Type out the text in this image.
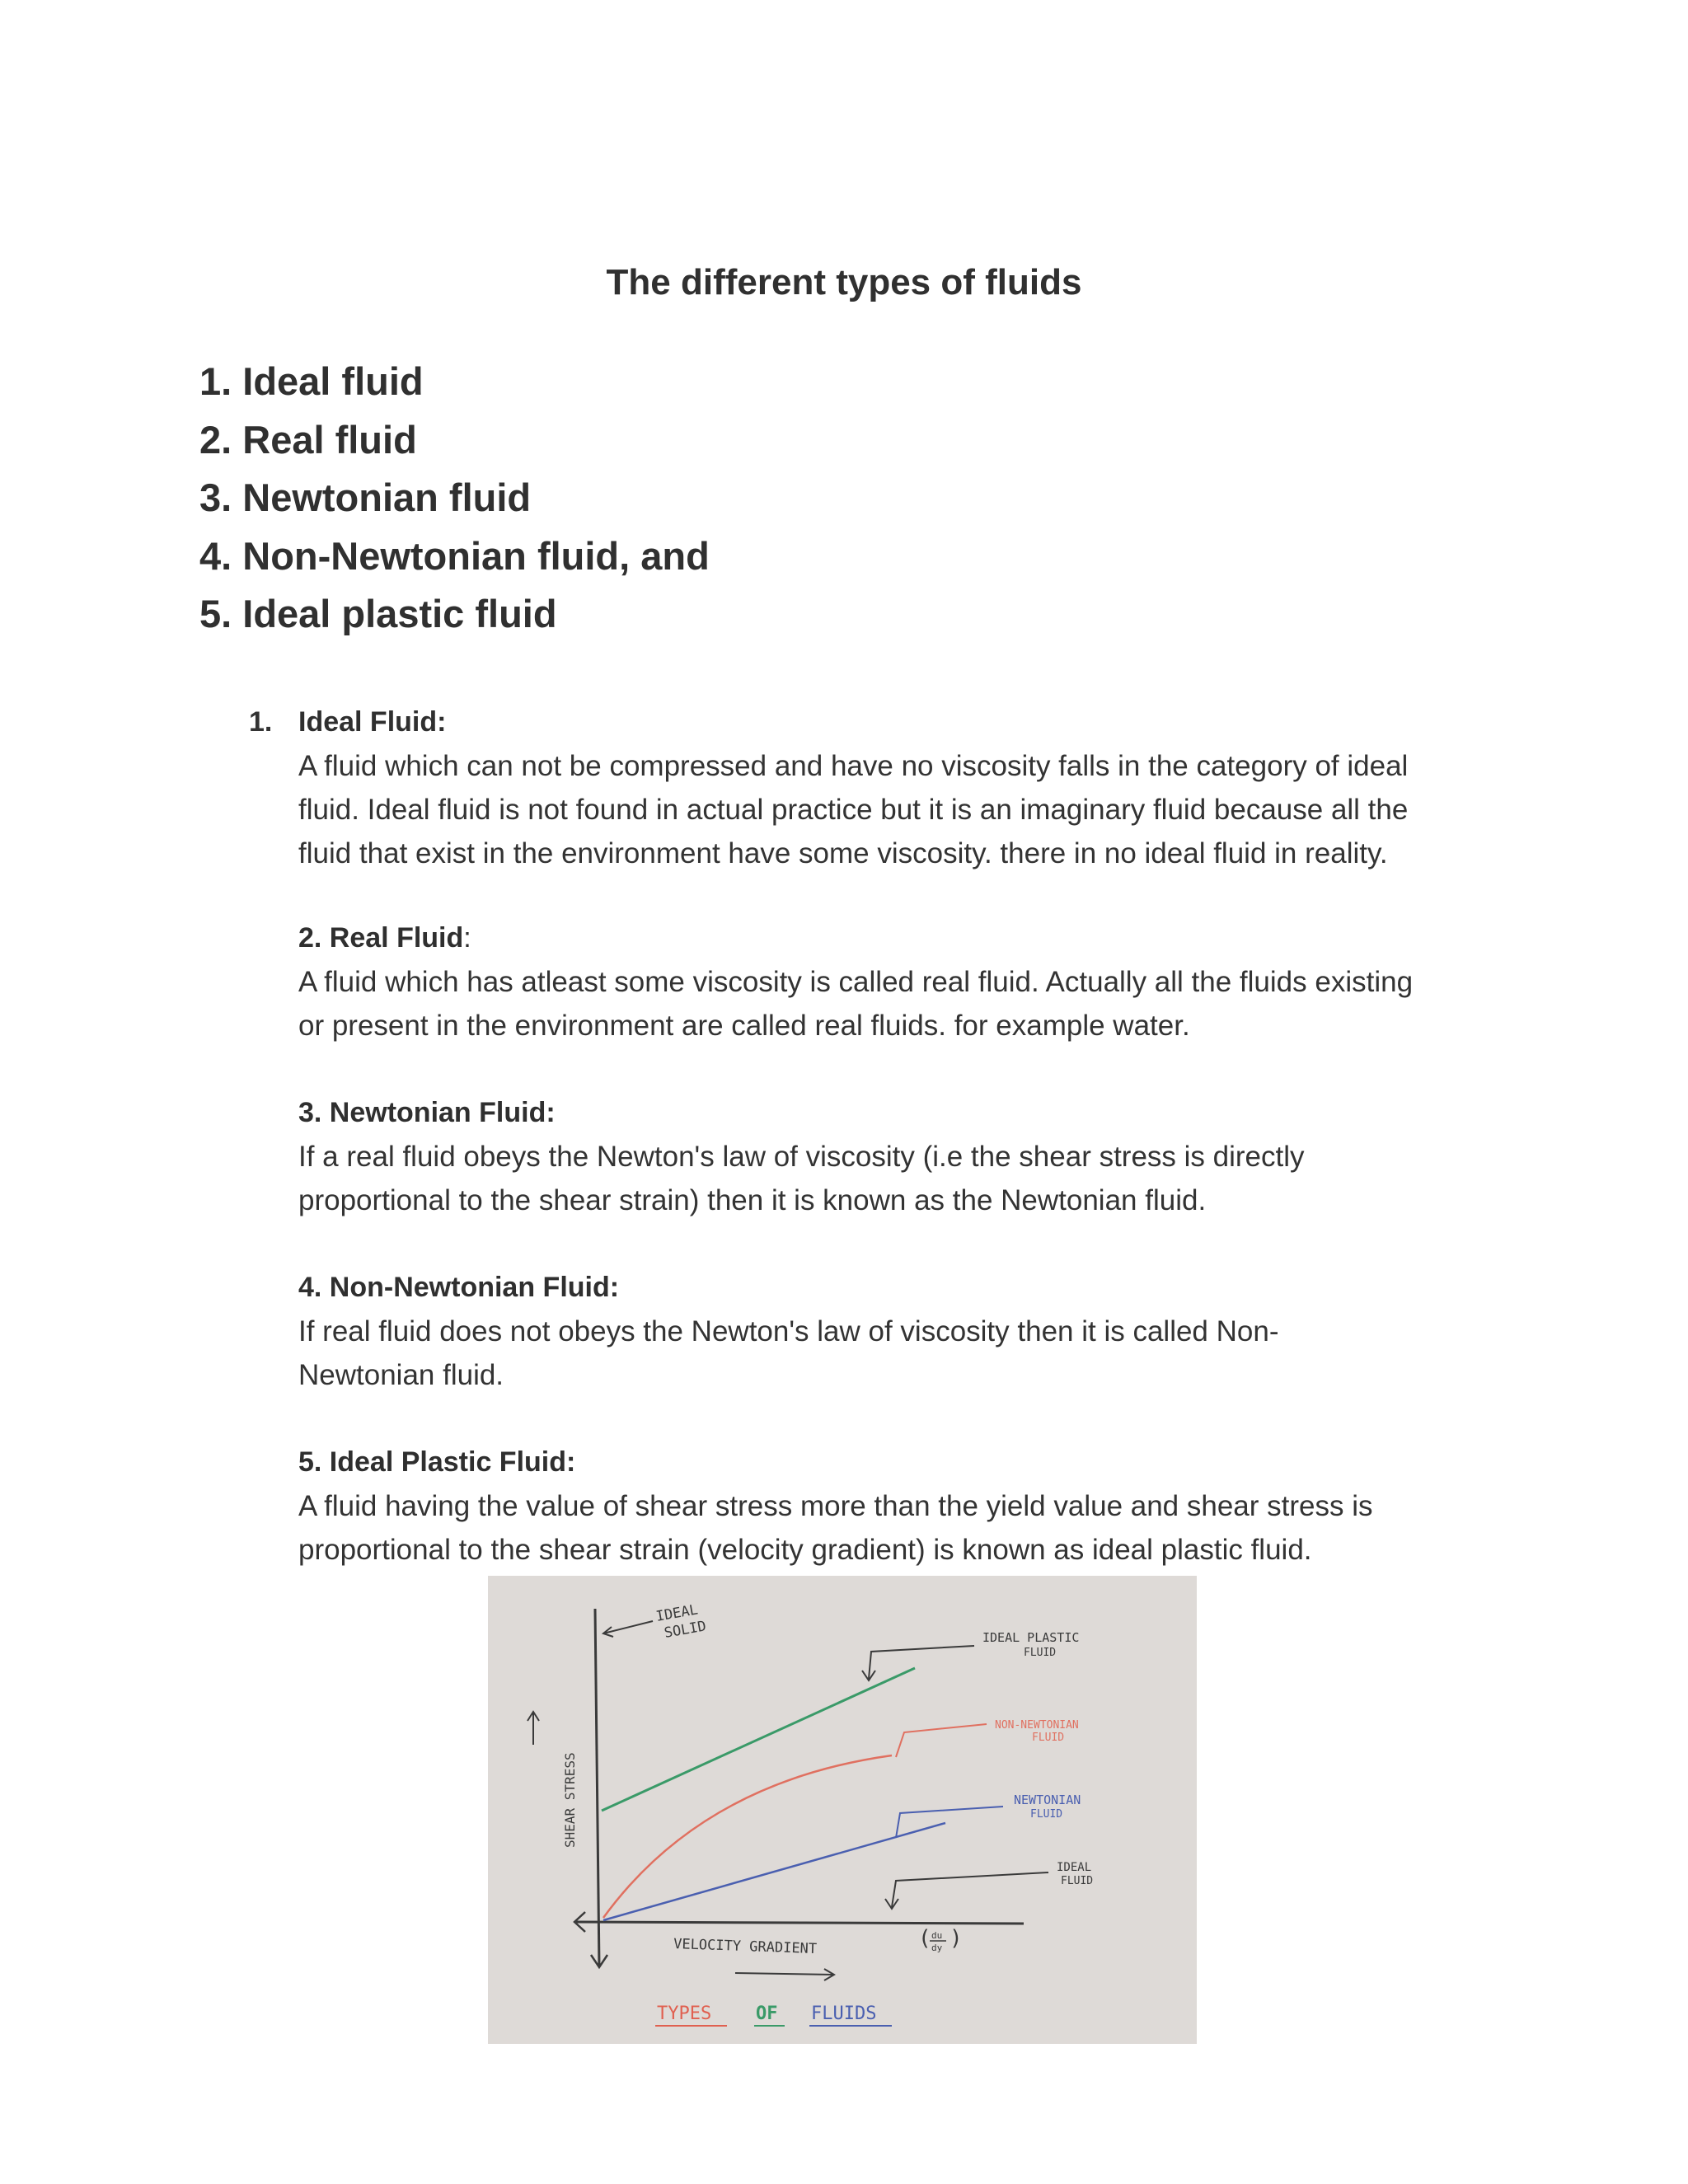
The different types of fluids
1. Ideal fluid
2. Real fluid
3. Newtonian fluid
4. Non-Newtonian fluid, and
5. Ideal plastic fluid
1. Ideal Fluid:
A fluid which can not be compressed and have no viscosity falls in the category of ideal
fluid. Ideal fluid is not found in actual practice but it is an imaginary fluid because all the
fluid that exist in the environment have some viscosity. there in no ideal fluid in reality.
2. Real Fluid:
A fluid which has atleast some viscosity is called real fluid. Actually all the fluids existing
or present in the environment are called real fluids. for example water.
3. Newtonian Fluid:
If a real fluid obeys the Newton's law of viscosity (i.e the shear stress is directly
proportional to the shear strain) then it is known as the Newtonian fluid.
4. Non-Newtonian Fluid:
If real fluid does not obeys the Newton's law of viscosity then it is called Non-
Newtonian fluid.
5. Ideal Plastic Fluid:
A fluid having the value of shear stress more than the yield value and shear stress is
proportional to the shear strain (velocity gradient) is known as ideal plastic fluid.
IDEAL
SOLID	IDEAL PLASTIC
FLUID
NON-NEWTONIAN
FLUID
NEWTONIAN
FLUID
IDEAL
FLUID
SHEAR STRESS
VELOCITY GRADIENT	( du
dy )
TYPES OF FLUIDS
